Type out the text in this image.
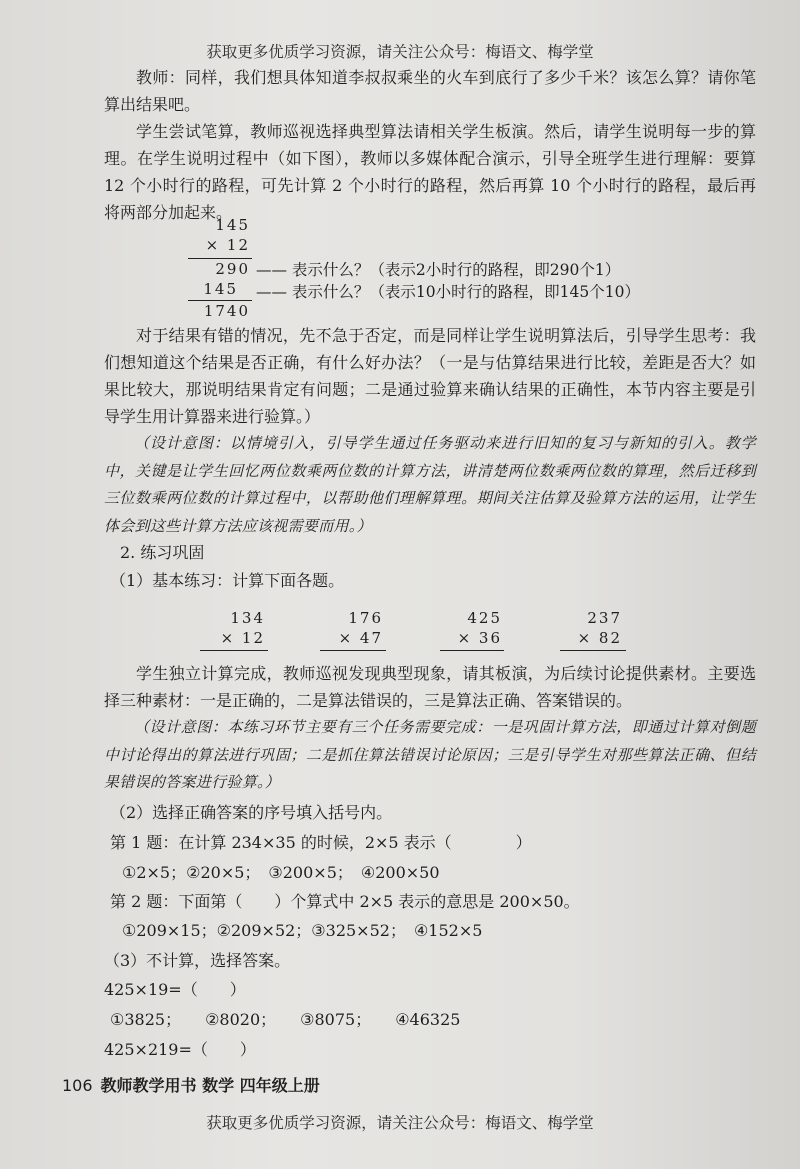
获取更多优质学习资源，请关注公众号：梅语文、梅学堂

教师：同样，我们想具体知道李叔叔乘坐的火车到底行了多少千米？该怎么算？请你笔算出结果吧。

学生尝试笔算，教师巡视选择典型算法请相关学生板演。然后，请学生说明每一步的算理。在学生说明过程中（如下图），教师以多媒体配合演示，引导全班学生进行理解：要算 12 个小时行的路程，可先计算 2 个小时行的路程，然后再算 10 个小时行的路程，最后再将两部分加起来。

145
× 12
290
145
1740
—— 表示什么？（表示2小时行的路程，即290个1）
—— 表示什么？（表示10小时行的路程，即145个10）

对于结果有错的情况，先不急于否定，而是同样让学生说明算法后，引导学生思考：我们想知道这个结果是否正确，有什么好办法？（一是与估算结果进行比较，差距是否大？如果比较大，那说明结果肯定有问题；二是通过验算来确认结果的正确性，本节内容主要是引导学生用计算器来进行验算。）

（设计意图：以情境引入，引导学生通过任务驱动来进行旧知的复习与新知的引入。教学中，关键是让学生回忆两位数乘两位数的计算方法，讲清楚两位数乘两位数的算理，然后迁移到三位数乘两位数的计算过程中，以帮助他们理解算理。期间关注估算及验算方法的运用，让学生体会到这些计算方法应该视需要而用。）

2. 练习巩固
（1）基本练习：计算下面各题。
134
× 12
176
× 47
425
× 36
237
× 82

学生独立计算完成，教师巡视发现典型现象，请其板演，为后续讨论提供素材。主要选择三种素材：一是正确的，二是算法错误的，三是算法正确、答案错误的。

（设计意图：本练习环节主要有三个任务需要完成：一是巩固计算方法，即通过计算对倒题中讨论得出的算法进行巩固；二是抓住算法错误讨论原因；三是引导学生对那些算法正确、但结果错误的答案进行验算。）

（2）选择正确答案的序号填入括号内。
第 1 题：在计算 234×35 的时候，2×5 表示（　　　　）
①2×5；②20×5；　③200×5；　④200×50
第 2 题：下面第（　　）个算式中 2×5 表示的意思是 200×50。
①209×15；②209×52；③325×52；　④152×5
（3）不计算，选择答案。
425×19=（　　）
①3825；　　②8020；　　③8075；　　④46325
425×219=（　　）
106 教师教学用书 数学 四年级上册
获取更多优质学习资源，请关注公众号：梅语文、梅学堂
